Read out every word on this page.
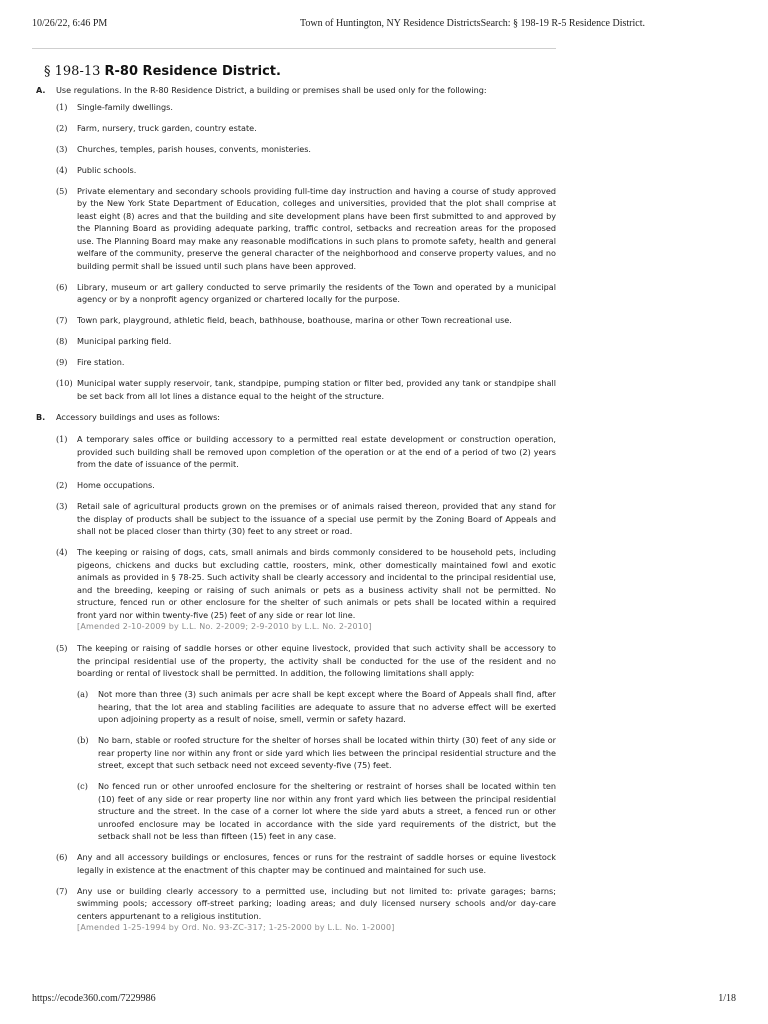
10/26/22, 6:46 PM	Town of Huntington, NY Residence DistrictsSearch: § 198-19 R-5 Residence District.
§ 198-13 R-80 Residence District.
A. Use regulations. In the R-80 Residence District, a building or premises shall be used only for the following:
(1) Single-family dwellings.
(2) Farm, nursery, truck garden, country estate.
(3) Churches, temples, parish houses, convents, monisteries.
(4) Public schools.
(5) Private elementary and secondary schools providing full-time day instruction and having a course of study approved by the New York State Department of Education, colleges and universities, provided that the plot shall comprise at least eight (8) acres and that the building and site development plans have been first submitted to and approved by the Planning Board as providing adequate parking, traffic control, setbacks and recreation areas for the proposed use. The Planning Board may make any reasonable modifications in such plans to promote safety, health and general welfare of the community, preserve the general character of the neighborhood and conserve property values, and no building permit shall be issued until such plans have been approved.
(6) Library, museum or art gallery conducted to serve primarily the residents of the Town and operated by a municipal agency or by a nonprofit agency organized or chartered locally for the purpose.
(7) Town park, playground, athletic field, beach, bathhouse, boathouse, marina or other Town recreational use.
(8) Municipal parking field.
(9) Fire station.
(10) Municipal water supply reservoir, tank, standpipe, pumping station or filter bed, provided any tank or standpipe shall be set back from all lot lines a distance equal to the height of the structure.
B. Accessory buildings and uses as follows:
(1) A temporary sales office or building accessory to a permitted real estate development or construction operation, provided such building shall be removed upon completion of the operation or at the end of a period of two (2) years from the date of issuance of the permit.
(2) Home occupations.
(3) Retail sale of agricultural products grown on the premises or of animals raised thereon, provided that any stand for the display of products shall be subject to the issuance of a special use permit by the Zoning Board of Appeals and shall not be placed closer than thirty (30) feet to any street or road.
(4) The keeping or raising of dogs, cats, small animals and birds commonly considered to be household pets, including pigeons, chickens and ducks but excluding cattle, roosters, mink, other domestically maintained fowl and exotic animals as provided in § 78-25. Such activity shall be clearly accessory and incidental to the principal residential use, and the breeding, keeping or raising of such animals or pets as a business activity shall not be permitted. No structure, fenced run or other enclosure for the shelter of such animals or pets shall be located within a required front yard nor within twenty-five (25) feet of any side or rear lot line.
[Amended 2-10-2009 by L.L. No. 2-2009; 2-9-2010 by L.L. No. 2-2010]
(5) The keeping or raising of saddle horses or other equine livestock, provided that such activity shall be accessory to the principal residential use of the property, the activity shall be conducted for the use of the resident and no boarding or rental of livestock shall be permitted. In addition, the following limitations shall apply:
(a) Not more than three (3) such animals per acre shall be kept except where the Board of Appeals shall find, after hearing, that the lot area and stabling facilities are adequate to assure that no adverse effect will be exerted upon adjoining property as a result of noise, smell, vermin or safety hazard.
(b) No barn, stable or roofed structure for the shelter of horses shall be located within thirty (30) feet of any side or rear property line nor within any front or side yard which lies between the principal residential structure and the street, except that such setback need not exceed seventy-five (75) feet.
(c) No fenced run or other unroofed enclosure for the sheltering or restraint of horses shall be located within ten (10) feet of any side or rear property line nor within any front yard which lies between the principal residential structure and the street. In the case of a corner lot where the side yard abuts a street, a fenced run or other unroofed enclosure may be located in accordance with the side yard requirements of the district, but the setback shall not be less than fifteen (15) feet in any case.
(6) Any and all accessory buildings or enclosures, fences or runs for the restraint of saddle horses or equine livestock legally in existence at the enactment of this chapter may be continued and maintained for such use.
(7) Any use or building clearly accessory to a permitted use, including but not limited to: private garages; barns; swimming pools; accessory off-street parking; loading areas; and duly licensed nursery schools and/or day-care centers appurtenant to a religious institution.
[Amended 1-25-1994 by Ord. No. 93-ZC-317; 1-25-2000 by L.L. No. 1-2000]
https://ecode360.com/7229986	1/18
